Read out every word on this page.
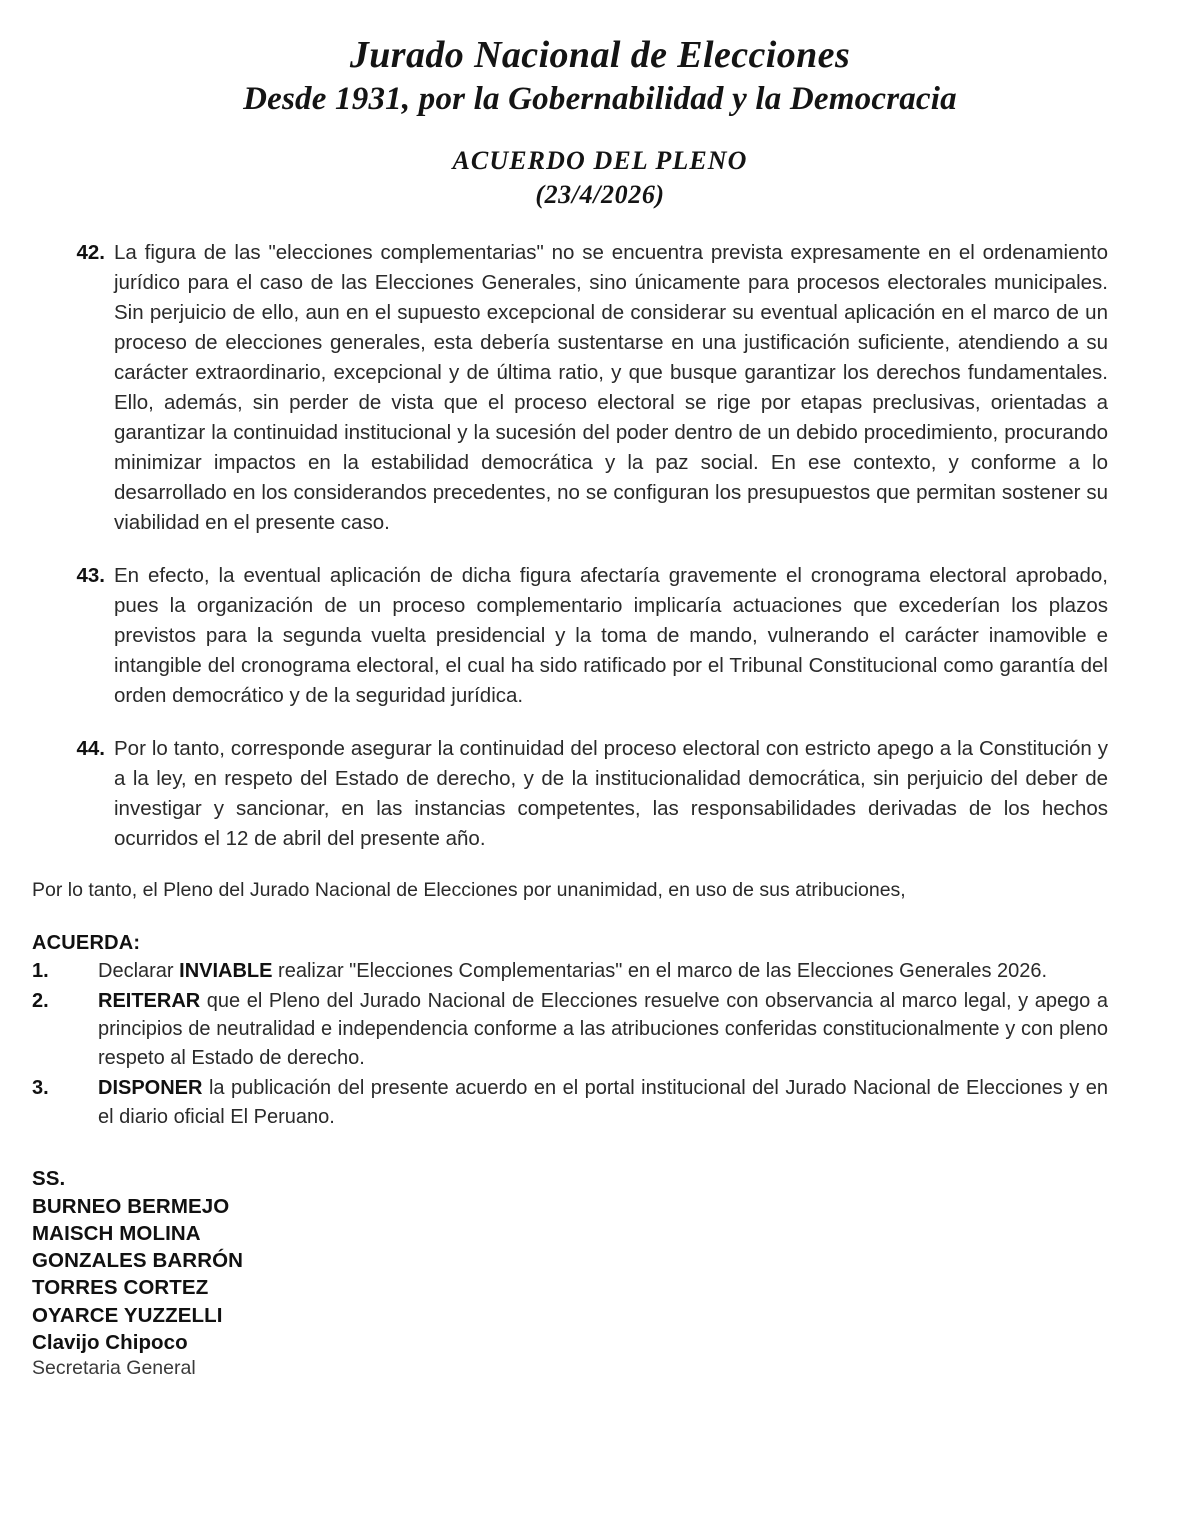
Jurado Nacional de Elecciones
Desde 1931, por la Gobernabilidad y la Democracia
ACUERDO DEL PLENO
(23/4/2026)
42. La figura de las "elecciones complementarias" no se encuentra prevista expresamente en el ordenamiento jurídico para el caso de las Elecciones Generales, sino únicamente para procesos electorales municipales. Sin perjuicio de ello, aun en el supuesto excepcional de considerar su eventual aplicación en el marco de un proceso de elecciones generales, esta debería sustentarse en una justificación suficiente, atendiendo a su carácter extraordinario, excepcional y de última ratio, y que busque garantizar los derechos fundamentales. Ello, además, sin perder de vista que el proceso electoral se rige por etapas preclusivas, orientadas a garantizar la continuidad institucional y la sucesión del poder dentro de un debido procedimiento, procurando minimizar impactos en la estabilidad democrática y la paz social. En ese contexto, y conforme a lo desarrollado en los considerandos precedentes, no se configuran los presupuestos que permitan sostener su viabilidad en el presente caso.
43. En efecto, la eventual aplicación de dicha figura afectaría gravemente el cronograma electoral aprobado, pues la organización de un proceso complementario implicaría actuaciones que excederían los plazos previstos para la segunda vuelta presidencial y la toma de mando, vulnerando el carácter inamovible e intangible del cronograma electoral, el cual ha sido ratificado por el Tribunal Constitucional como garantía del orden democrático y de la seguridad jurídica.
44. Por lo tanto, corresponde asegurar la continuidad del proceso electoral con estricto apego a la Constitución y a la ley, en respeto del Estado de derecho, y de la institucionalidad democrática, sin perjuicio del deber de investigar y sancionar, en las instancias competentes, las responsabilidades derivadas de los hechos ocurridos el 12 de abril del presente año.
Por lo tanto, el Pleno del Jurado Nacional de Elecciones por unanimidad, en uso de sus atribuciones,
ACUERDA:
1.	Declarar INVIABLE realizar "Elecciones Complementarias" en el marco de las Elecciones Generales 2026.
2.	REITERAR que el Pleno del Jurado Nacional de Elecciones resuelve con observancia al marco legal, y apego a principios de neutralidad e independencia conforme a las atribuciones conferidas constitucionalmente y con pleno respeto al Estado de derecho.
3.	DISPONER la publicación del presente acuerdo en el portal institucional del Jurado Nacional de Elecciones y en el diario oficial El Peruano.
SS.
BURNEO BERMEJO
MAISCH MOLINA
GONZALES BARRÓN
TORRES CORTEZ
OYARCE YUZZELLI
Clavijo Chipoco
Secretaria General
